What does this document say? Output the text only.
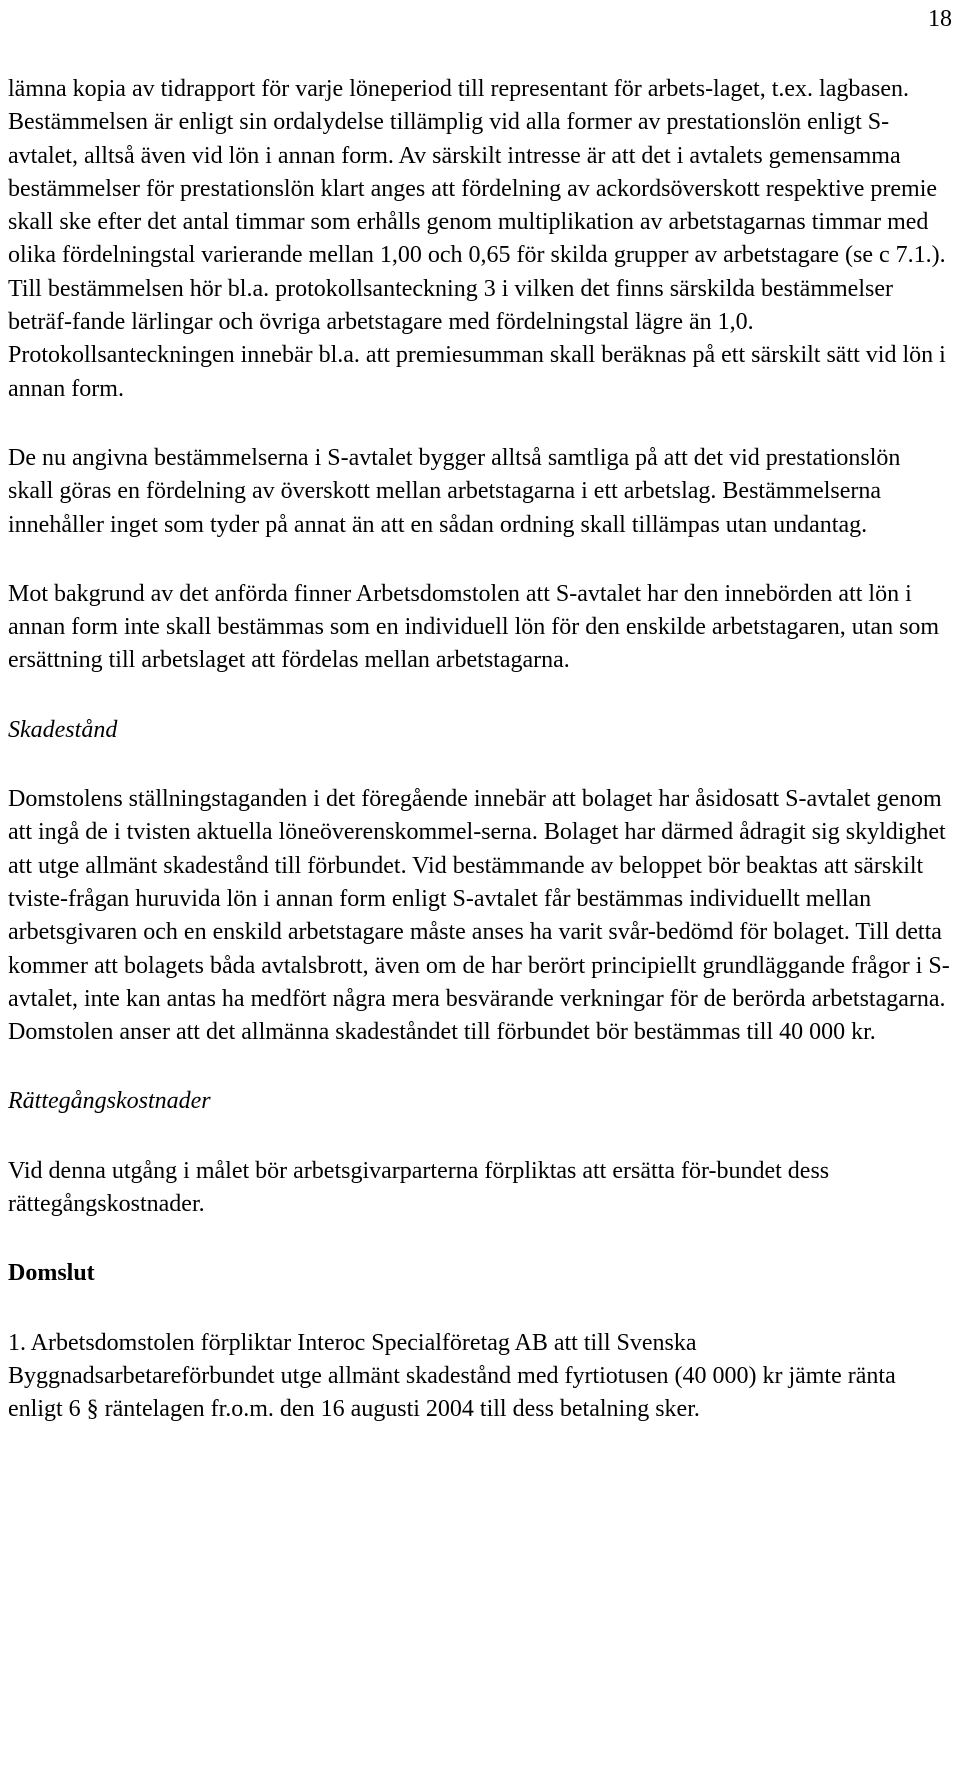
18

lämna kopia av tidrapport för varje löneperiod till representant för arbets-laget, t.ex. lagbasen. Bestämmelsen är enligt sin ordalydelse tillämplig vid alla former av prestationslön enligt S-avtalet, alltså även vid lön i annan form. Av särskilt intresse är att det i avtalets gemensamma bestämmelser för prestationslön klart anges att fördelning av ackordsöverskott respektive premie skall ske efter det antal timmar som erhålls genom multiplikation av arbetstagarnas timmar med olika fördelningstal varierande mellan 1,00 och 0,65 för skilda grupper av arbetstagare (se c 7.1.). Till bestämmelsen hör bl.a. protokollsanteckning 3 i vilken det finns särskilda bestämmelser beträf-fande lärlingar och övriga arbetstagare med fördelningstal lägre än 1,0. Protokollsanteckningen innebär bl.a. att premiesumman skall beräknas på ett särskilt sätt vid lön i annan form.

De nu angivna bestämmelserna i S-avtalet bygger alltså samtliga på att det vid prestationslön skall göras en fördelning av överskott mellan arbetstagarna i ett arbetslag. Bestämmelserna innehåller inget som tyder på annat än att en sådan ordning skall tillämpas utan undantag.

Mot bakgrund av det anförda finner Arbetsdomstolen att S-avtalet har den innebörden att lön i annan form inte skall bestämmas som en individuell lön för den enskilde arbetstagaren, utan som ersättning till arbetslaget att fördelas mellan arbetstagarna.

Skadestånd

Domstolens ställningstaganden i det föregående innebär att bolaget har åsidosatt S-avtalet genom att ingå de i tvisten aktuella löneöverenskommel-serna. Bolaget har därmed ådragit sig skyldighet att utge allmänt skadestånd till förbundet. Vid bestämmande av beloppet bör beaktas att särskilt tviste-frågan huruvida lön i annan form enligt S-avtalet får bestämmas individuellt mellan arbetsgivaren och en enskild arbetstagare måste anses ha varit svår-bedömd för bolaget. Till detta kommer att bolagets båda avtalsbrott, även om de har berört principiellt grundläggande frågor i S-avtalet, inte kan antas ha medfört några mera besvärande verkningar för de berörda arbetstagarna. Domstolen anser att det allmänna skadeståndet till förbundet bör bestämmas till 40 000 kr.

Rättegångskostnader

Vid denna utgång i målet bör arbetsgivarparterna förpliktas att ersätta för-bundet dess rättegångskostnader.

Domslut

1. Arbetsdomstolen förpliktar Interoc Specialföretag AB att till Svenska Byggnadsarbetareförbundet utge allmänt skadestånd med fyrtiotusen (40 000) kr jämte ränta enligt 6 § räntelagen fr.o.m. den 16 augusti 2004 till dess betalning sker.
